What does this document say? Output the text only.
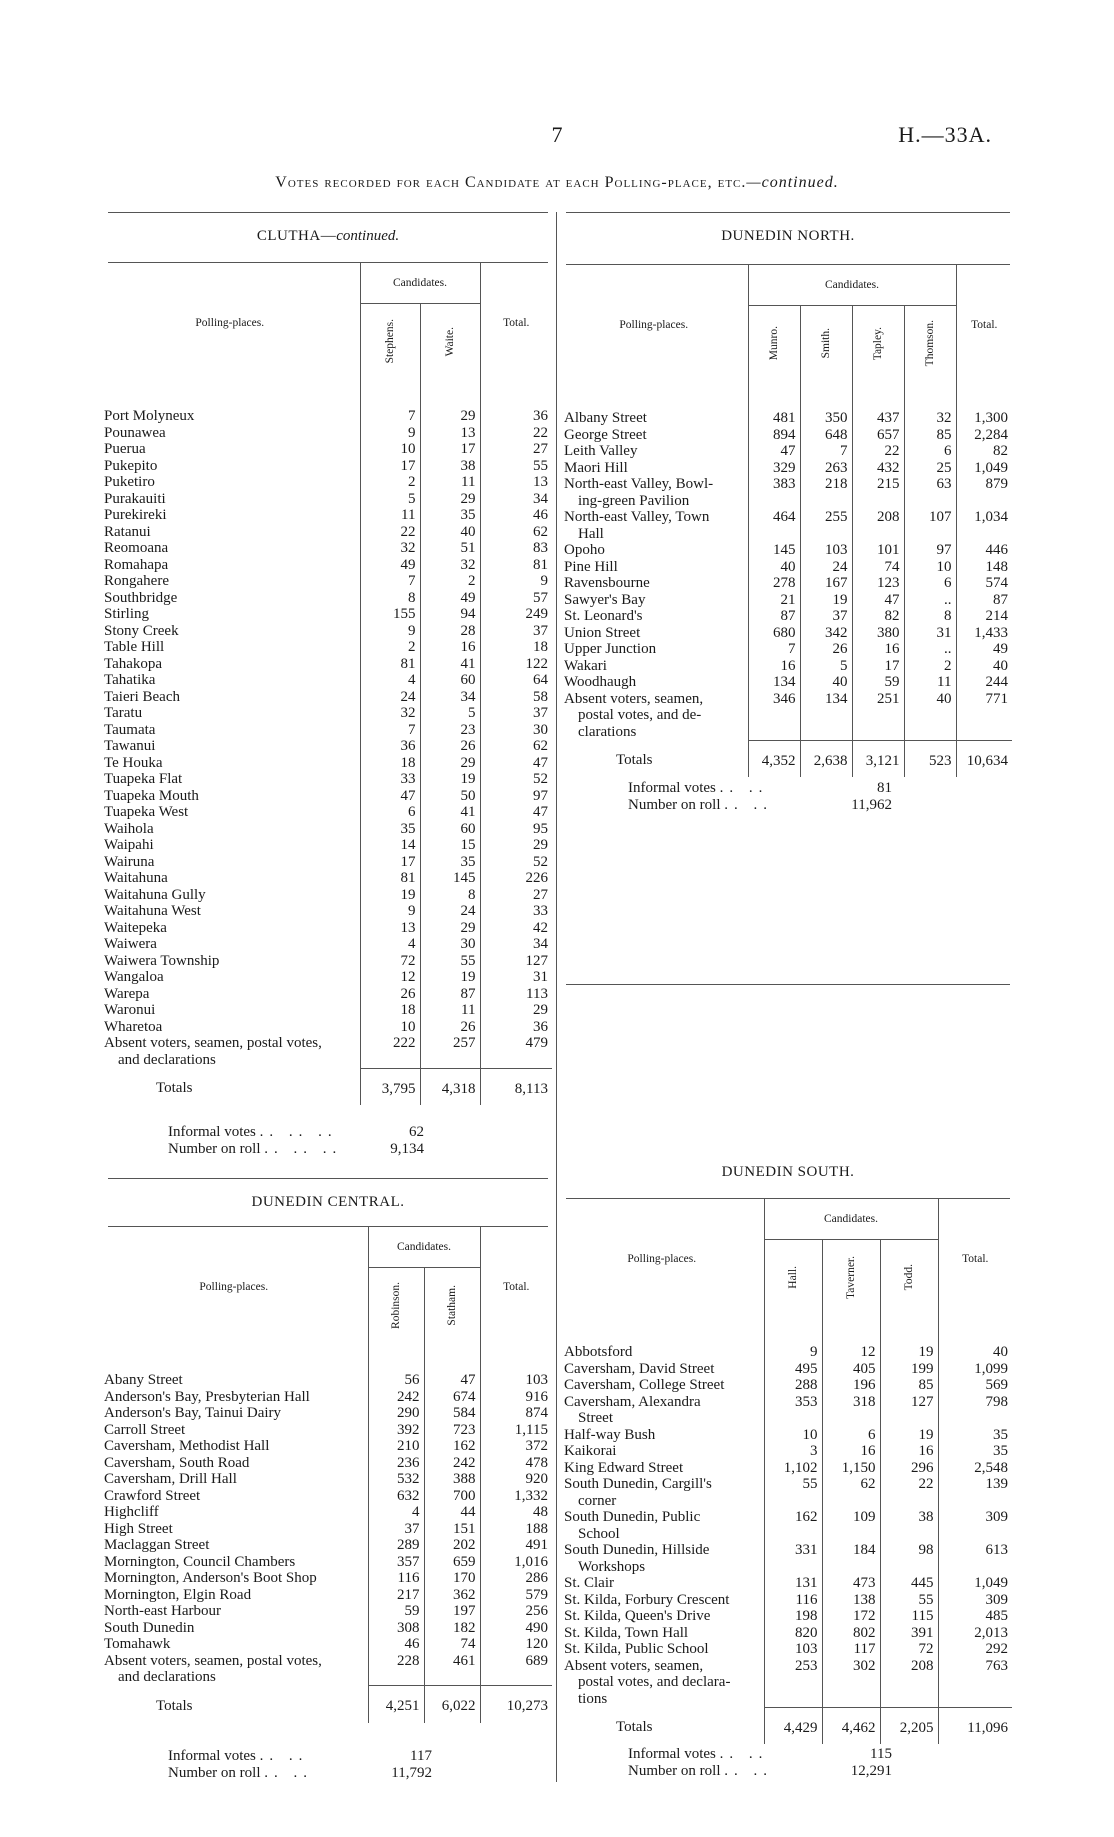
7	H.—33A.
Votes recorded for each Candidate at each Polling-place, etc.—continued.
CLUTHA—continued.
Polling-places.	Candidates.		Total.
	Stephens.	Waite.	

Port Molyneux	7	29	36

Pounawea	9	13	22

Puerua	10	17	27

Pukepito	17	38	55

Puketiro	2	11	13

Purakauiti	5	29	34

Purekireki	11	35	46

Ratanui	22	40	62

Reomoana	32	51	83

Romahapa	49	32	81

Rongahere	7	2	9

Southbridge	8	49	57

Stirling	155	94	249

Stony Creek	9	28	37

Table Hill	2	16	18

Tahakopa	81	41	122

Tahatika	4	60	64

Taieri Beach	24	34	58

Taratu	32	5	37

Taumata	7	23	30

Tawanui	36	26	62

Te Houka	18	29	47

Tuapeka Flat	33	19	52

Tuapeka Mouth	47	50	97

Tuapeka West	6	41	47

Waihola	35	60	95

Waipahi	14	15	29

Wairuna	17	35	52

Waitahuna	81	145	226

Waitahuna Gully	19	8	27

Waitahuna West	9	24	33

Waitepeka	13	29	42

Waiwera	4	30	34

Waiwera Township	72	55	127

Wangaloa	12	19	31

Warepa	26	87	113

Waronui	18	11	29

Wharetoa	10	26	36

Absent voters, seamen, postal votes,
and declarations	222	257	479
Totals	3,795	4,318	8,113
Informal votes .. .. ..	62
Number on roll .. .. ..	9,134
DUNEDIN CENTRAL.
Polling-places.	Candidates.		Total.
	Robinson.	Statham.	

Abany Street	56	47	103

Anderson's Bay, Presbyterian Hall	242	674	916

Anderson's Bay, Tainui Dairy	290	584	874

Carroll Street	392	723	1,115

Caversham, Methodist Hall	210	162	372

Caversham, South Road	236	242	478

Caversham, Drill Hall	532	388	920

Crawford Street	632	700	1,332

Highcliff	4	44	48

High Street	37	151	188

Maclaggan Street	289	202	491

Mornington, Council Chambers	357	659	1,016

Mornington, Anderson's Boot Shop	116	170	286

Mornington, Elgin Road	217	362	579

North-east Harbour	59	197	256

South Dunedin	308	182	490

Tomahawk	46	74	120

Absent voters, seamen, postal votes,
and declarations	228	461	689
Totals	4,251	6,022	10,273
Informal votes .. ..	117
Number on roll .. ..	11,792
DUNEDIN NORTH.
Polling-places.	Candidates.				Total.
	Munro.	Smith.	Tapley.	Thomson.	

Albany Street	481	350	437	32	1,300

George Street	894	648	657	85	2,284

Leith Valley	47	7	22	6	82

Maori Hill	329	263	432	25	1,049

North-east Valley, Bowl-
ing-green Pavilion	383	218	215	63	879

North-east Valley, Town
Hall	464	255	208	107	1,034

Opoho	145	103	101	97	446

Pine Hill	40	24	74	10	148

Ravensbourne	278	167	123	6	574

Sawyer's Bay	21	19	47	..	87

St. Leonard's	87	37	82	8	214

Union Street	680	342	380	31	1,433

Upper Junction	7	26	16	..	49

Wakari	16	5	17	2	40

Woodhaugh	134	40	59	11	244

Absent voters, seamen,
postal votes, and de-
clarations	346	134	251	40	771
Totals	4,352	2,638	3,121	523	10,634
Informal votes .. ..	81
Number on roll .. ..	11,962
DUNEDIN SOUTH.
Polling-places.	Candidates.			Total.
	Hall.	Taverner.	Todd.	

Abbotsford	9	12	19	40

Caversham, David Street	495	405	199	1,099

Caversham, College Street	288	196	85	569

Caversham, Alexandra
Street	353	318	127	798

Half-way Bush	10	6	19	35

Kaikorai	3	16	16	35

King Edward Street	1,102	1,150	296	2,548

South Dunedin, Cargill's
corner	55	62	22	139

South Dunedin, Public
School	162	109	38	309

South Dunedin, Hillside
Workshops	331	184	98	613

St. Clair	131	473	445	1,049

St. Kilda, Forbury Crescent	116	138	55	309

St. Kilda, Queen's Drive	198	172	115	485

St. Kilda, Town Hall	820	802	391	2,013

St. Kilda, Public School	103	117	72	292

Absent voters, seamen,
postal votes, and declara-
tions	253	302	208	763
Totals	4,429	4,462	2,205	11,096
Informal votes .. ..	115
Number on roll .. ..	12,291
